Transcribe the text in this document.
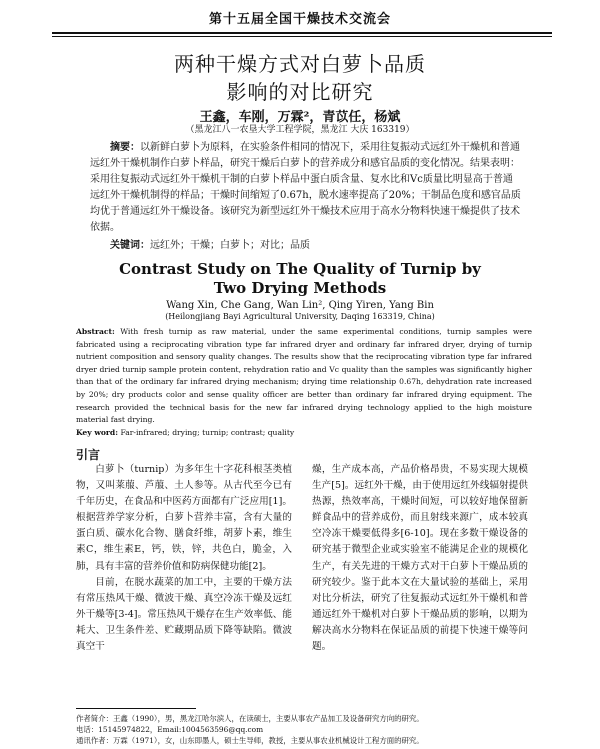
第十五届全国干燥技术交流会
两种干燥方式对白萝卜品质
影响的对比研究
王鑫，车刚，万霖²，青苡任，杨斌
（黑龙江八一农垦大学工程学院，黑龙江 大庆 163319）

摘要：以新鲜白萝卜为原料，在实验条件相同的情况下，采用往复振动式远红外干燥机和普通远红外干燥机制作白萝卜样品，研究干燥后白萝卜的营养成分和感官品质的变化情况。结果表明：采用往复振动式远红外干燥机干制的白萝卜样品中蛋白质含量、复水比和Vc质量比明显高于普通远红外干燥机制得的样品；干燥时间缩短了0.67h，脱水速率提高了20%；干制品色度和感官品质均优于普通远红外干燥设备。该研究为新型远红外干燥技术应用于高水分物料快速干燥提供了技术依据。

关键词：远红外；干燥；白萝卜；对比；品质

Contrast Study on The Quality of Turnip by
Two Drying Methods
Wang Xin, Che Gang, Wan Lin², Qing Yiren, Yang Bin
(Heilongjiang Bayi Agricultural University, Daqing 163319, China)

Abstract: With fresh turnip as raw material, under the same experimental conditions, turnip samples were fabricated using a reciprocating vibration type far infrared dryer and ordinary far infrared dryer, drying of turnip nutrient composition and sensory quality changes. The results show that the reciprocating vibration type far infrared dryer dried turnip sample protein content, rehydration ratio and Vc quality than the samples was significantly higher than that of the ordinary far infrared drying mechanism; drying time relationship 0.67h, dehydration rate increased by 20%; dry products color and sense quality officer are better than ordinary far infrared drying equipment. The research provided the technical basis for the new far infrared drying technology applied to the high moisture material fast drying.

Key word: Far-infrared; drying; turnip; contrast; quality

引言

白萝卜（turnip）为多年生十字花科根茎类植物，又叫莱菔、芦菔、土人参等。从古代至今已有千年历史，在食品和中医药方面都有广泛应用[1]。根据营养学家分析，白萝卜营养丰富，含有大量的蛋白质、碳水化合物、膳食纤维，胡萝卜素，维生素C，维生素E，钙，铁，锌，共色白，脆金，入肺，具有丰富的营养价值和防病保健功能[2]。

目前，在脱水蔬菜的加工中，主要的干燥方法有常压热风干燥、微波干燥、真空冷冻干燥及远红外干燥等[3-4]。常压热风干燥存在生产效率低、能耗大、卫生条件差、贮藏期品质下降等缺陷。微波真空干

燥，生产成本高，产品价格昂贵，不易实现大规模生产[5]。远红外干燥，由于使用远红外线辐射提供热源，热效率高，干燥时间短，可以较好地保留新鲜食品中的营养成份，而且射线来源广，成本较真空冷冻干燥要低得多[6-10]。现在多数干燥设备的研究基于微型企业或实验室不能满足企业的规模化生产，有关先进的干燥方式对干白萝卜干燥品质的研究较少。鉴于此本文在大量试验的基础上，采用对比分析法，研究了往复振动式远红外干燥机和普通远红外干燥机对白萝卜干燥品质的影响，以期为解决高水分物料在保证品质的前提下快速干燥等问题。

作者简介：王鑫（1990），男，黑龙江哈尔滨人，在读硕士，主要从事农产品加工及设备研究方向的研究。
电话：15145974822，Email:1004563596@qq.com
通讯作者：万霖（1971），女，山东即墨人，硕士生导师，教授，主要从事农业机械设计工程方面的研究。
